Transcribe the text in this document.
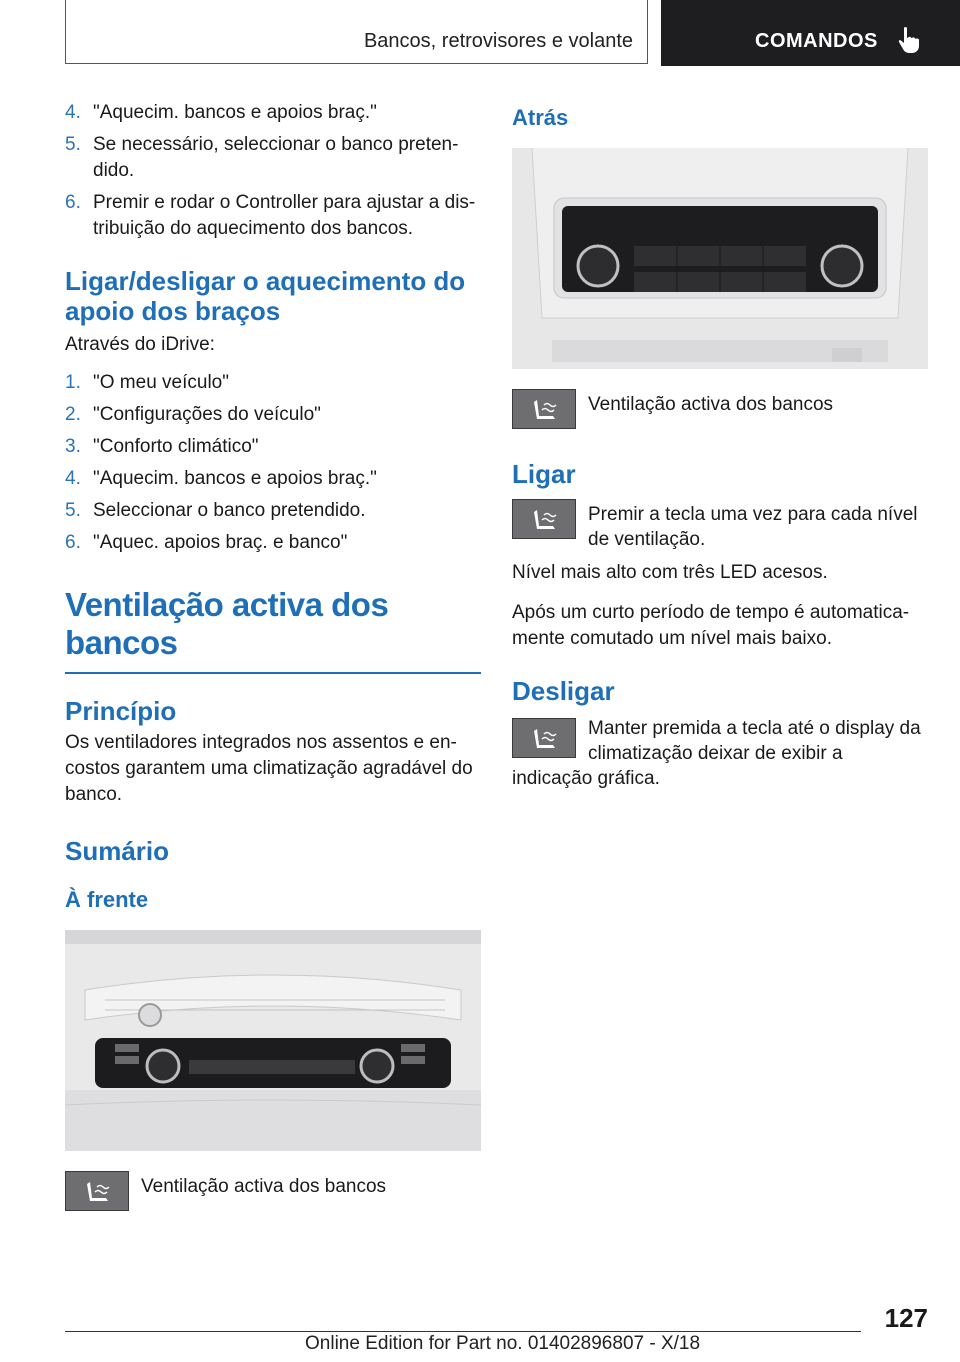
Bancos, retrovisores e volante	COMANDOS
4. "Aquecim. bancos e apoios braç."
5. Se necessário, seleccionar o banco preten-dido.
6. Premir e rodar o Controller para ajustar a dis-tribuição do aquecimento dos bancos.
Ligar/desligar o aquecimento do apoio dos braços

Através do iDrive:

1. "O meu veículo"
2. "Configurações do veículo"
3. "Conforto climático"
4. "Aquecim. bancos e apoios braç."
5. Seleccionar o banco pretendido.
6. "Aquec. apoios braç. e banco"
Ventilação activa dos bancos
Princípio

Os ventiladores integrados nos assentos e en-costos garantem uma climatização agradável do banco.

Sumário
À frente
Ventilação activa dos bancos
Atrás
Ventilação activa dos bancos
Ligar
Premir a tecla uma vez para cada nível de ventilação.

Nível mais alto com três LED acesos.

Após um curto período de tempo é automatica-mente comutado um nível mais baixo.

Desligar
Manter premida a tecla até o display da climatização deixar de exibir a indicação gráfica.
127
Online Edition for Part no. 01402896807 - X/18
